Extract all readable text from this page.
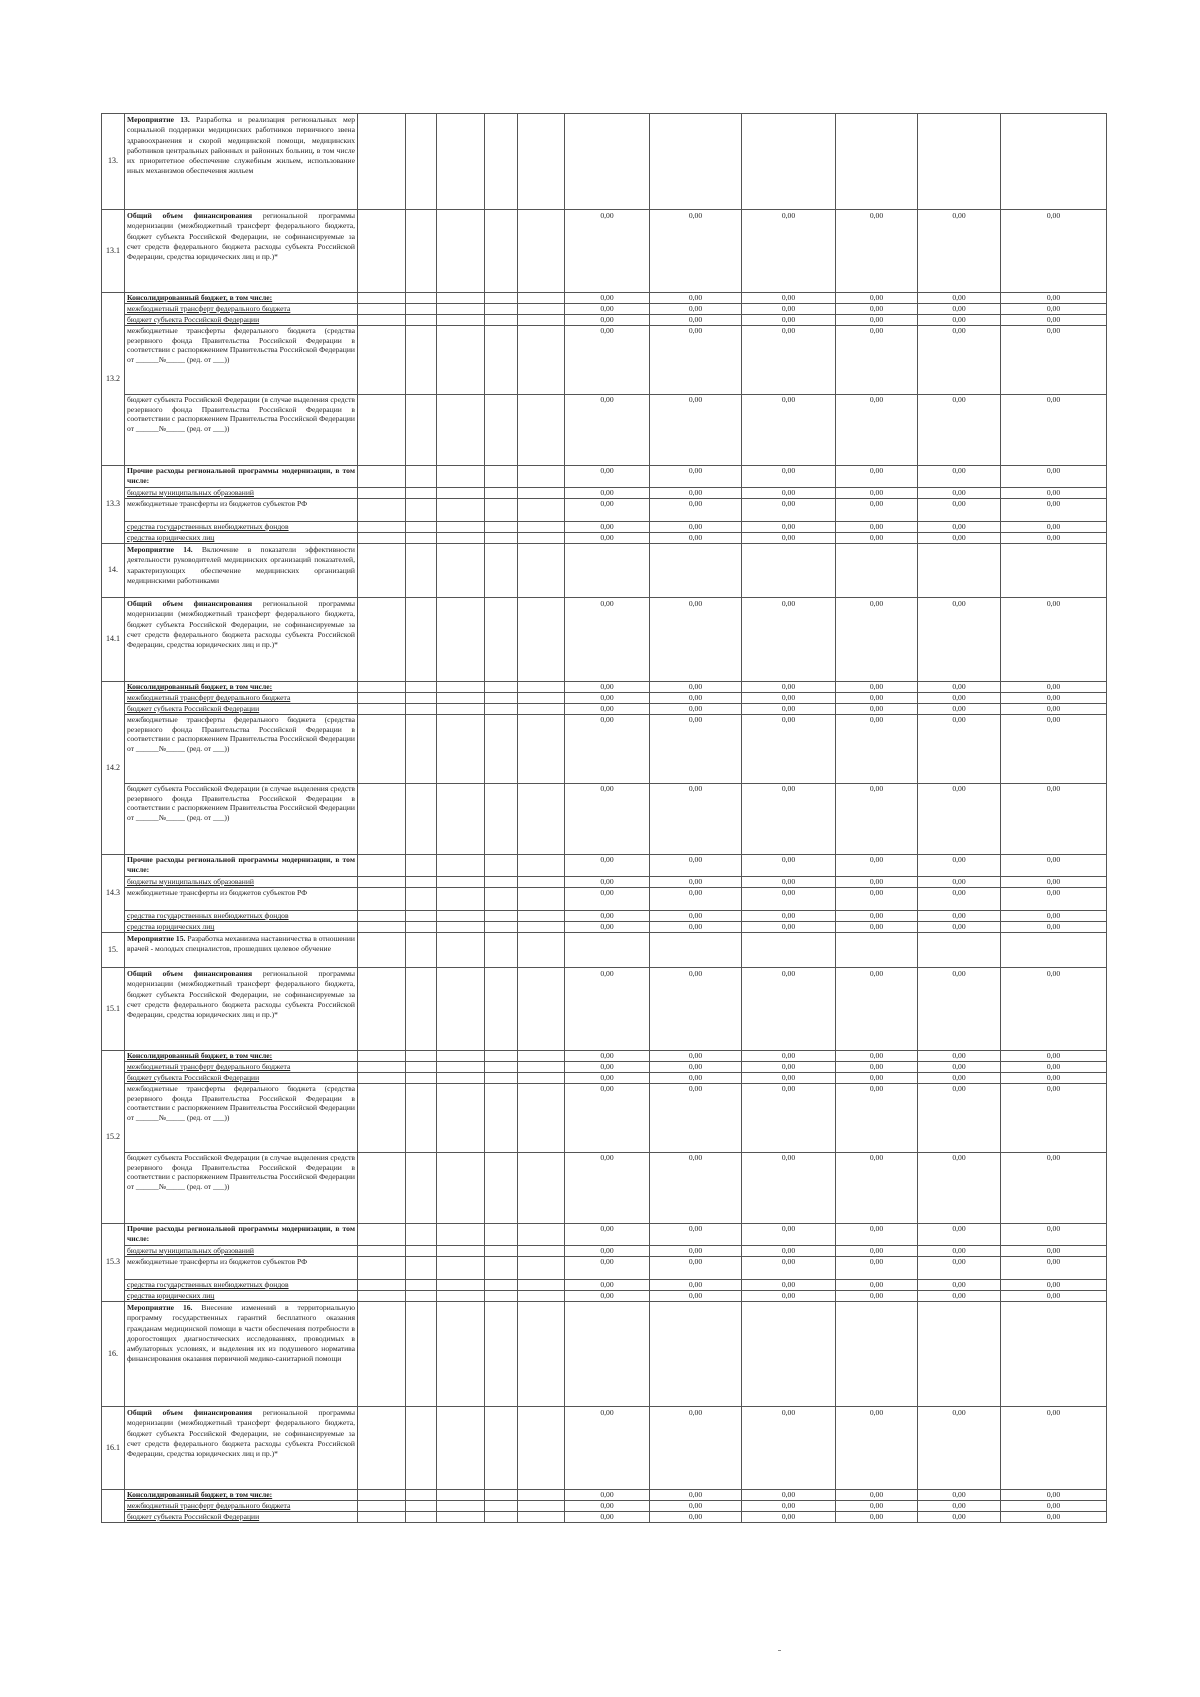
13.	Мероприятие 13. Разработка и реализация региональных мер социальной поддержки медицинских работников первичного звена здравоохранения и скорой медицинской помощи, медицинских работников центральных районных и районных больниц, в том числе их приоритетное обеспечение служебным жильем, использование иных механизмов обеспечения жильем											
13.1	Общий объем финансирования региональной программы модернизации (межбюджетный трансферт федерального бюджета, бюджет субъекта Российской Федерации, не софинансируемые за счет средств федерального бюджета расходы субъекта Российской Федерации, средства юридических лиц и пр.)*						0,00	0,00	0,00	0,00	0,00	0,00
13.2	Консолидированный бюджет, в том числе:						0,00	0,00	0,00	0,00	0,00	0,00
	межбюджетный трансферт федерального бюджета						0,00	0,00	0,00	0,00	0,00	0,00
	бюджет субъекта Российской Федерации						0,00	0,00	0,00	0,00	0,00	0,00
	межбюджетные трансферты федерального бюджета (средства резервного фонда Правительства Российской Федерации в соответствии с распоряжением Правительства Российской Федерации от ______№_____ (ред. от ___))						0,00	0,00	0,00	0,00	0,00	0,00
	бюджет субъекта Российской Федерации (в случае выделения средств резервного фонда Правительства Российской Федерации в соответствии с распоряжением Правительства Российской Федерации от ______№_____ (ред. от ___))						0,00	0,00	0,00	0,00	0,00	0,00
13.3	Прочие расходы региональной программы модернизации, в том числе:						0,00	0,00	0,00	0,00	0,00	0,00
	бюджеты муниципальных образований						0,00	0,00	0,00	0,00	0,00	0,00
	межбюджетные трансферты из бюджетов субъектов РФ						0,00	0,00	0,00	0,00	0,00	0,00
	средства государственных внебюджетных фондов						0,00	0,00	0,00	0,00	0,00	0,00
	средства юридических лиц						0,00	0,00	0,00	0,00	0,00	0,00
14.	Мероприятие 14. Включение в показатели эффективности деятельности руководителей медицинских организаций показателей, характеризующих обеспечение медицинских организаций медицинскими работниками											
14.1	Общий объем финансирования региональной программы модернизации (межбюджетный трансферт федерального бюджета, бюджет субъекта Российской Федерации, не софинансируемые за счет средств федерального бюджета расходы субъекта Российской Федерации, средства юридических лиц и пр.)*						0,00	0,00	0,00	0,00	0,00	0,00
14.2	Консолидированный бюджет, в том числе:						0,00	0,00	0,00	0,00	0,00	0,00
	межбюджетный трансферт федерального бюджета						0,00	0,00	0,00	0,00	0,00	0,00
	бюджет субъекта Российской Федерации						0,00	0,00	0,00	0,00	0,00	0,00
	межбюджетные трансферты федерального бюджета (средства резервного фонда Правительства Российской Федерации в соответствии с распоряжением Правительства Российской Федерации от ______№_____ (ред. от ___))						0,00	0,00	0,00	0,00	0,00	0,00
	бюджет субъекта Российской Федерации (в случае выделения средств резервного фонда Правительства Российской Федерации в соответствии с распоряжением Правительства Российской Федерации от ______№_____ (ред. от ___))						0,00	0,00	0,00	0,00	0,00	0,00
14.3	Прочие расходы региональной программы модернизации, в том числе:						0,00	0,00	0,00	0,00	0,00	0,00
	бюджеты муниципальных образований						0,00	0,00	0,00	0,00	0,00	0,00
	межбюджетные трансферты из бюджетов субъектов РФ						0,00	0,00	0,00	0,00	0,00	0,00
	средства государственных внебюджетных фондов						0,00	0,00	0,00	0,00	0,00	0,00
	средства юридических лиц						0,00	0,00	0,00	0,00	0,00	0,00
15.	Мероприятие 15. Разработка механизма наставничества в отношении врачей - молодых специалистов, прошедших целевое обучение											
15.1	Общий объем финансирования региональной программы модернизации (межбюджетный трансферт федерального бюджета, бюджет субъекта Российской Федерации, не софинансируемые за счет средств федерального бюджета расходы субъекта Российской Федерации, средства юридических лиц и пр.)*						0,00	0,00	0,00	0,00	0,00	0,00
15.2	Консолидированный бюджет, в том числе:						0,00	0,00	0,00	0,00	0,00	0,00
	межбюджетный трансферт федерального бюджета						0,00	0,00	0,00	0,00	0,00	0,00
	бюджет субъекта Российской Федерации						0,00	0,00	0,00	0,00	0,00	0,00
	межбюджетные трансферты федерального бюджета (средства резервного фонда Правительства Российской Федерации в соответствии с распоряжением Правительства Российской Федерации от ______№_____ (ред. от ___))						0,00	0,00	0,00	0,00	0,00	0,00
	бюджет субъекта Российской Федерации (в случае выделения средств резервного фонда Правительства Российской Федерации в соответствии с распоряжением Правительства Российской Федерации от ______№_____ (ред. от ___))						0,00	0,00	0,00	0,00	0,00	0,00
15.3	Прочие расходы региональной программы модернизации, в том числе:						0,00	0,00	0,00	0,00	0,00	0,00
	бюджеты муниципальных образований						0,00	0,00	0,00	0,00	0,00	0,00
	межбюджетные трансферты из бюджетов субъектов РФ						0,00	0,00	0,00	0,00	0,00	0,00
	средства государственных внебюджетных фондов						0,00	0,00	0,00	0,00	0,00	0,00
	средства юридических лиц						0,00	0,00	0,00	0,00	0,00	0,00
16.	Мероприятие 16. Внесение изменений в территориальную программу государственных гарантий бесплатного оказания гражданам медицинской помощи в части обеспечения потребности в дорогостоящих диагностических исследованиях, проводимых в амбулаторных условиях, и выделения их из подушевого норматива финансирования оказания первичной медико-санитарной помощи											
16.1	Общий объем финансирования региональной программы модернизации (межбюджетный трансферт федерального бюджета, бюджет субъекта Российской Федерации, не софинансируемые за счет средств федерального бюджета расходы субъекта Российской Федерации, средства юридических лиц и пр.)*						0,00	0,00	0,00	0,00	0,00	0,00
	Консолидированный бюджет, в том числе:						0,00	0,00	0,00	0,00	0,00	0,00
	межбюджетный трансферт федерального бюджета						0,00	0,00	0,00	0,00	0,00	0,00
	бюджет субъекта Российской Федерации						0,00	0,00	0,00	0,00	0,00	0,00
